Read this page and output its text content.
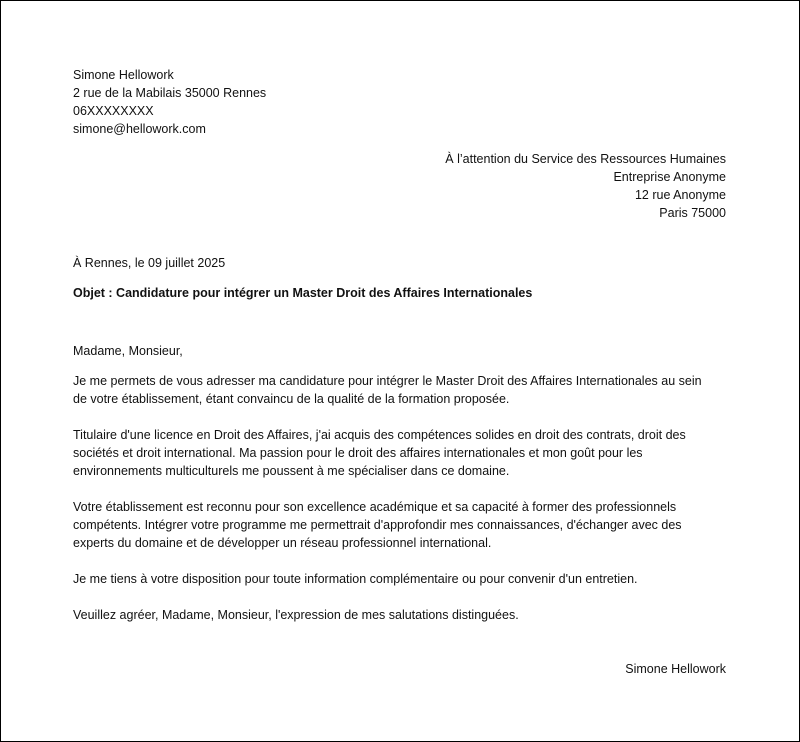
Simone Hellowork
2 rue de la Mabilais 35000 Rennes
06XXXXXXXX
simone@hellowork.com
À l’attention du Service des Ressources Humaines
Entreprise Anonyme
12 rue Anonyme
Paris 75000
À Rennes, le 09 juillet 2025
Objet : Candidature pour intégrer un Master Droit des Affaires Internationales
Madame, Monsieur,
Je me permets de vous adresser ma candidature pour intégrer le Master Droit des Affaires Internationales au sein
de votre établissement, étant convaincu de la qualité de la formation proposée.
Titulaire d'une licence en Droit des Affaires, j'ai acquis des compétences solides en droit des contrats, droit des
sociétés et droit international. Ma passion pour le droit des affaires internationales et mon goût pour les
environnements multiculturels me poussent à me spécialiser dans ce domaine.
Votre établissement est reconnu pour son excellence académique et sa capacité à former des professionnels
compétents. Intégrer votre programme me permettrait d'approfondir mes connaissances, d'échanger avec des
experts du domaine et de développer un réseau professionnel international.
Je me tiens à votre disposition pour toute information complémentaire ou pour convenir d'un entretien.
Veuillez agréer, Madame, Monsieur, l'expression de mes salutations distinguées.
Simone Hellowork
